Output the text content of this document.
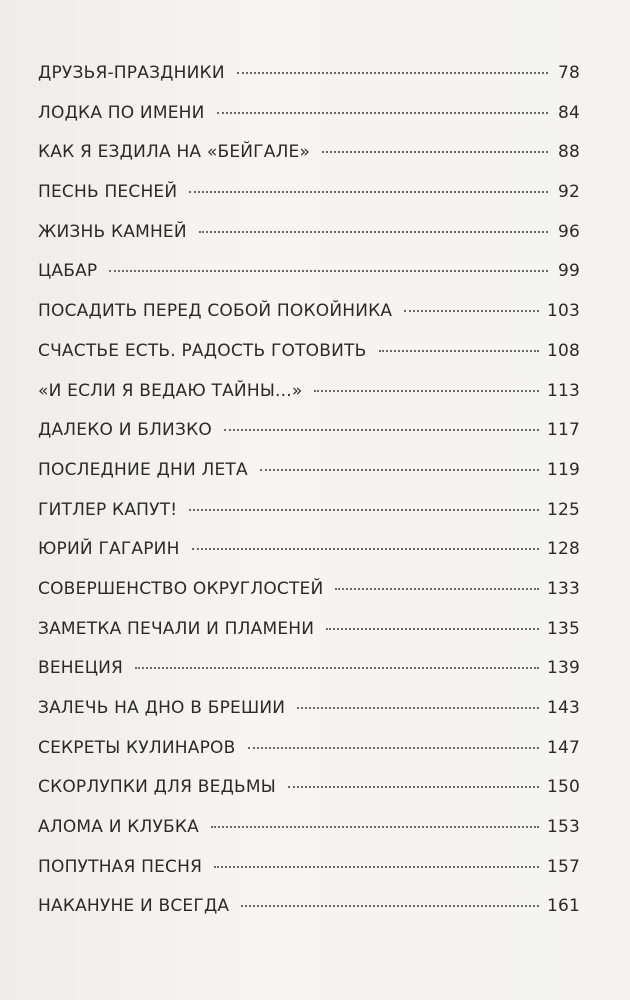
ДРУЗЬЯ-ПРАЗДНИКИ	78
ЛОДКА ПО ИМЕНИ	84
КАК Я ЕЗДИЛА НА «БЕЙГАЛЕ»	88
ПЕСНЬ ПЕСНЕЙ	92
ЖИЗНЬ КАМНЕЙ	96
ЦАБАР	99
ПОСАДИТЬ ПЕРЕД СОБОЙ ПОКОЙНИКА	103
СЧАСТЬЕ ЕСТЬ. РАДОСТЬ ГОТОВИТЬ	108
«И ЕСЛИ Я ВЕДАЮ ТАЙНЫ...»	113
ДАЛЕКО И БЛИЗКО	117
ПОСЛЕДНИЕ ДНИ ЛЕТА	119
ГИТЛЕР КАПУТ!	125
ЮРИЙ ГАГАРИН	128
СОВЕРШЕНСТВО ОКРУГЛОСТЕЙ	133
ЗАМЕТКА ПЕЧАЛИ И ПЛАМЕНИ	135
ВЕНЕЦИЯ	139
ЗАЛЕЧЬ НА ДНО В БРЕШИИ	143
СЕКРЕТЫ КУЛИНАРОВ	147
СКОРЛУПКИ ДЛЯ ВЕДЬМЫ	150
АЛОМА И КЛУБКА	153
ПОПУТНАЯ ПЕСНЯ	157
НАКАНУНЕ И ВСЕГДА	161
